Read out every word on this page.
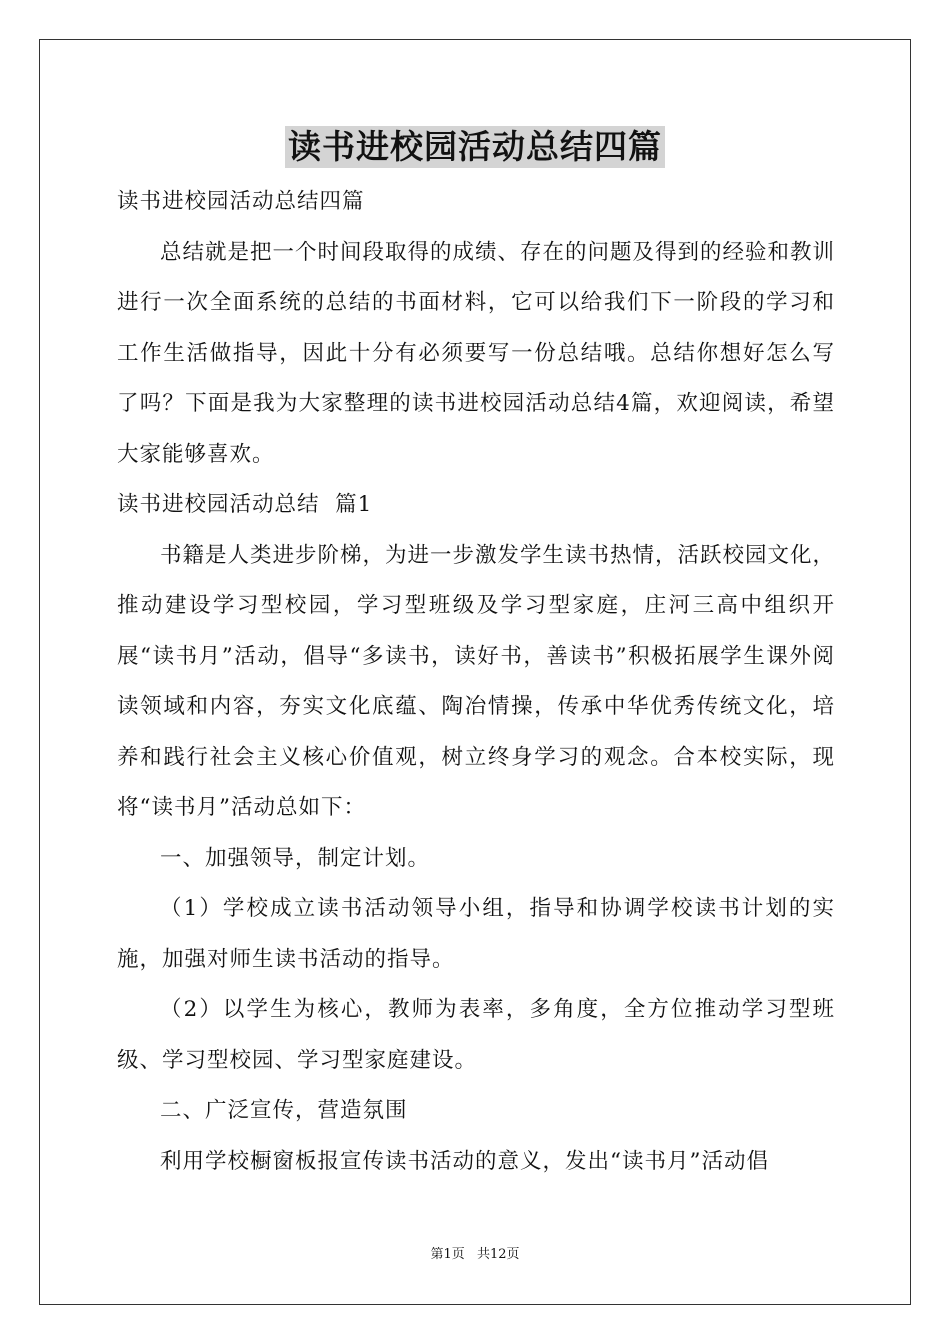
读书进校园活动总结四篇

读书进校园活动总结四篇

总结就是把一个时间段取得的成绩、存在的问题及得到的经验和教训进行一次全面系统的总结的书面材料，它可以给我们下一阶段的学习和工作生活做指导，因此十分有必须要写一份总结哦。总结你想好怎么写了吗？下面是我为大家整理的读书进校园活动总结4篇，欢迎阅读，希望大家能够喜欢。

读书进校园活动总结  篇1

书籍是人类进步阶梯，为进一步激发学生读书热情，活跃校园文化，推动建设学习型校园，学习型班级及学习型家庭，庄河三高中组织开展“读书月”活动，倡导“多读书，读好书，善读书”积极拓展学生课外阅读领域和内容，夯实文化底蕴、陶冶情操，传承中华优秀传统文化，培养和践行社会主义核心价值观，树立终身学习的观念。合本校实际，现将“读书月”活动总如下：

一、加强领导，制定计划。

（1）学校成立读书活动领导小组，指导和协调学校读书计划的实施，加强对师生读书活动的指导。

（2）以学生为核心，教师为表率，多角度，全方位推动学习型班级、学习型校园、学习型家庭建设。

二、广泛宣传，营造氛围

利用学校橱窗板报宣传读书活动的意义，发出“读书月”活动倡

第1页 共12页
